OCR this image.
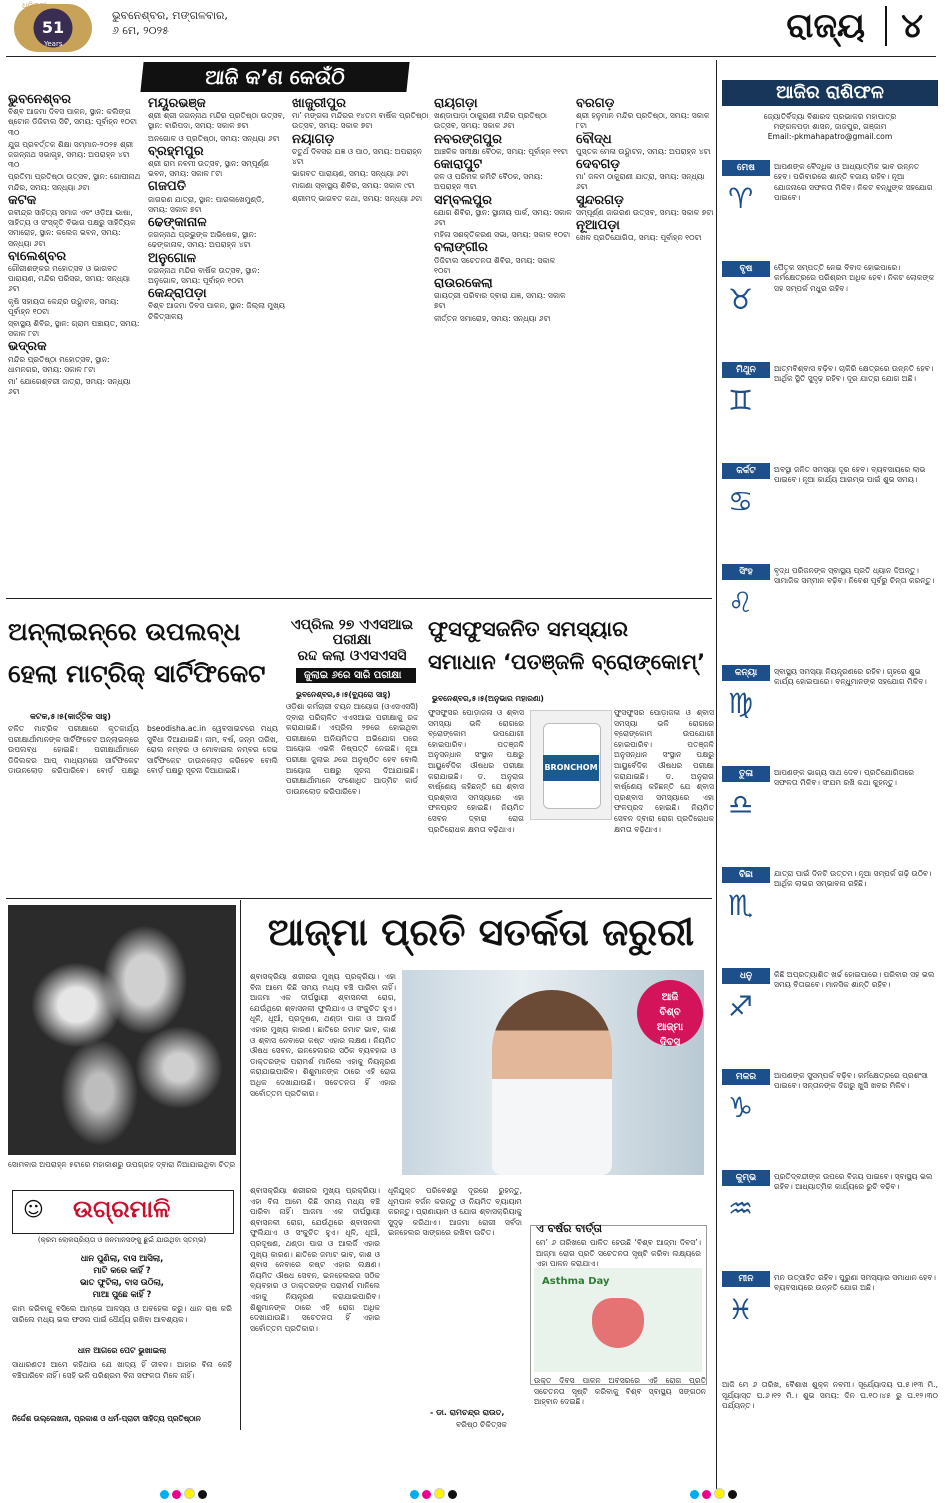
51
ଧରିତ୍ରୀ
Years
ଭୁବନେଶ୍ବର, ମଙ୍ଗଳବାର,
୬ ମେ, ୨୦୨୫	ରାଜ୍ୟ	୪
ଆଜି କ’ଣ କେଉଁଠି
ଭୁବନେଶ୍ବର

ବିଶ୍ବ ଆଜମା ଦିବସ ପାଳନ, ସ୍ଥାନ: କଲିଙ୍ଗ ଷ୍ଟୋନ ଡିଜିଟାଲ ସିଟି, ସମୟ: ପୂର୍ବାହ୍ନ ୧୦ଟା ୩୦

ଯୁଗ ପ୍ରବର୍ତ୍ତକ ଶିକ୍ଷା ସମ୍ମାନ-୨୦୨୫ ଶ୍ରୀ ଜଗନ୍ନାଥ ସଭାଗୃହ, ସମୟ: ଅପରାହ୍ନ ୪ଟା ୩୦

ପ୍ରତିମା ପ୍ରତିଷ୍ଠା ଉତ୍ସବ, ସ୍ଥାନ: ଗୋପୀନାଥ ମନ୍ଦିର, ସମୟ: ସନ୍ଧ୍ୟା ୬ଟା

କଟକ

ରବୀନ୍ଦ୍ର ସାହିତ୍ୟ ସମାଜ ଏବଂ ଓଡ଼ିଆ ଭାଷା, ସାହିତ୍ୟ ଓ ସଂସ୍କୃତି ବିଭାଗ ପକ୍ଷରୁ ସାହିତ୍ୟିକ ସମାରୋହ, ସ୍ଥାନ: କଲେଜ ଭବନ, ସମୟ: ସନ୍ଧ୍ୟା ୬ଟା

ବାଲେଶ୍ବର

ଗୌରୀଶଙ୍କର ମହୋତ୍ସବ ଓ ଭାଗବତ ପାରାୟଣ, ମନ୍ଦିର ପରିସର, ସମୟ: ସନ୍ଧ୍ୟା ୬ଟା

କୃଷି ସହାୟତା କେନ୍ଦ୍ର ଉଦ୍ଘାଟନ, ସମୟ: ପୂର୍ବାହ୍ନ ୧୦ଟା

ସ୍ବାସ୍ଥ୍ୟ ଶିବିର, ସ୍ଥାନ: ଗ୍ରାମ ପଞ୍ଚାୟତ, ସମୟ: ସକାଳ ୮ଟା

ଭଦ୍ରକ

ମନ୍ଦିର ପ୍ରତିଷ୍ଠା ମହୋତ୍ସବ, ସ୍ଥାନ: ଧାମନଗର, ସମୟ: ସକାଳ ୮ଟା

ମା’ ଯୋଗେଶ୍ବରୀ ଜାତ୍ରା, ସମୟ: ସନ୍ଧ୍ୟା ୬ଟା

ମୟୂରଭଞ୍ଜ

ଶ୍ରୀ ଶ୍ରୀ ଜଗନ୍ନାଥ ମନ୍ଦିର ପ୍ରତିଷ୍ଠା ଉତ୍ସବ, ସ୍ଥାନ: ବାରିପଦା, ସମୟ: ସକାଳ ୭ଟା

ଅନଗୋଳ ଓ ପ୍ରତିଷ୍ଠା, ସମୟ: ସନ୍ଧ୍ୟା ୬ଟା

ବ୍ରହ୍ମପୁର

ଶ୍ରୀ ରାମ ନବମୀ ଉତ୍ସବ, ସ୍ଥାନ: ସମ୍ପୂର୍ଣ୍ଣ ଭବନ, ସମୟ: ସକାଳ ୮ଟା

ଗଜପତି

ଜାଗରଣ ଯାତ୍ରା, ସ୍ଥାନ: ପାରଳାଖେମୁଣ୍ଡି, ସମୟ: ସକାଳ ୭ଟା

ଢେଙ୍କାନାଳ

ଜଗନ୍ନାଥ ପ୍ରଭୁଙ୍କ ଅଭିଷେକ, ସ୍ଥାନ: ଢେଙ୍କାନାଳ, ସମୟ: ଅପରାହ୍ନ ୪ଟା

ଅନୁଗୋଳ

ଜଗନ୍ନାଥ ମନ୍ଦିର ବାର୍ଷିକ ଉତ୍ସବ, ସ୍ଥାନ: ଅନୁଗୋଳ, ସମୟ: ପୂର୍ବାହ୍ନ ୧୦ଟା

କେନ୍ଦ୍ରାପଡ଼ା

ବିଶ୍ବ ଆଜମା ଦିବସ ପାଳନ, ସ୍ଥାନ: ଜିଲ୍ଲା ମୁଖ୍ୟ ଚିକିତ୍ସାଳୟ

ଖାଜୁରୀପୁର

ମା’ ମଙ୍ଗଳା ମନ୍ଦିରର ୧୪ତମ ବାର୍ଷିକ ପ୍ରତିଷ୍ଠା ଉତ୍ସବ, ସମୟ: ସକାଳ ୭ଟା

ନୟାଗଡ଼

ଚତୁର୍ଥ ଦିବସର ଯଜ୍ଞ ଓ ପାଠ, ସମୟ: ଅପରାହ୍ନ ୪ଟା

ଭାଗବତ ପାରାୟଣ, ସମୟ: ସନ୍ଧ୍ୟା ୬ଟା

ମାଗଣା ସ୍ବାସ୍ଥ୍ୟ ଶିବିର, ସମୟ: ସକାଳ ୯ଟା

ଶ୍ରୀମଦ୍ ଭାଗବତ କଥା, ସମୟ: ସନ୍ଧ୍ୟା ୬ଟା

ରାୟଗଡ଼ା

ଖଣ୍ଡାପାଡ଼ା ଠାକୁରାଣୀ ମନ୍ଦିର ପ୍ରତିଷ୍ଠା ଉତ୍ସବ, ସମୟ: ସକାଳ ୬ଟା

ନବରଙ୍ଗପୁର

ଆଞ୍ଚଳିକ ସମୀକ୍ଷା ବୈଠକ, ସମୟ: ପୂର୍ବାହ୍ନ ୧୧ଟା

କୋରାପୁଟ

ଜଳ ଓ ପରିମଳ କମିଟି ବୈଠକ, ସମୟ: ଅପରାହ୍ନ ୩ଟା

ସମ୍ବଲପୁର

ଯୋଗ ଶିବିର, ସ୍ଥାନ: ସ୍ଥାନୀୟ ପାର୍କ, ସମୟ: ସକାଳ ୬ଟା

ମହିଳା ସଶକ୍ତିକରଣ ସଭା, ସମୟ: ସକାଳ ୧୦ଟା

ବଲାଙ୍ଗୀର

ଡିଜିଟାଲ ସଚେତନତା ଶିବିର, ସମୟ: ସକାଳ ୧୦ଟା

ରାଉରକେଲା

ଗାୟତ୍ରୀ ପରିବାର ଦ୍ବାରା ଯଜ୍ଞ, ସମୟ: ସକାଳ ୭ଟା

କୀର୍ତ୍ତନ ସମାରୋହ, ସମୟ: ସନ୍ଧ୍ୟା ୬ଟା

ବରଗଡ଼

ଶ୍ରୀ ହନୁମାନ ମନ୍ଦିର ପ୍ରତିଷ୍ଠା, ସମୟ: ସକାଳ ୮ଟା

ବୌଦ୍ଧ

ପୁସ୍ତକ ମେଳା ଉଦ୍ଘାଟନ, ସମୟ: ଅପରାହ୍ନ ୪ଟା

ଦେବଗଡ଼

ମା’ ଜଳମ ଠାକୁରାଣୀ ଯାତ୍ରା, ସମୟ: ସନ୍ଧ୍ୟା ୬ଟା

ସୁନ୍ଦରଗଡ଼

ସମ୍ପୂର୍ଣ୍ଣ ଜାଗରଣ ଉତ୍ସବ, ସମୟ: ସକାଳ ୭ଟା

ନୂଆପଡ଼ା

ଖେଳ ପ୍ରତିଯୋଗିତା, ସମୟ: ପୂର୍ବାହ୍ନ ୧୦ଟା

ଅନ୍‌ଲାଇନ୍‌ରେ ଉପଲବ୍ଧ
ହେଲା ମାଟ୍ରିକ୍ ସାର୍ଟିଫିକେଟ
କଟକ,୫।୫(କାର୍ତ୍ତିକ ସାହୁ)
ଚଳିତ ମାଟ୍ରିକ ପରୀକ୍ଷାରେ କୃତକାର୍ଯ୍ୟ ପରୀକ୍ଷାର୍ଥୀମାନଙ୍କ ସାର୍ଟିଫିକେଟ ଅନ୍‌ଲାଇନ୍‌ରେ ଉପଲବ୍ଧ ହୋଇଛି। ପରୀକ୍ଷାର୍ଥୀମାନେ ଡିଜିଲକର ଆପ୍ ମାଧ୍ୟମରେ ସାର୍ଟିଫିକେଟ ଡାଉନଲୋଡ଼ କରିପାରିବେ। ବୋର୍ଡ଼ ପକ୍ଷରୁ bseodisha.ac.in ୱେବସାଇଟରେ ମଧ୍ୟ ସୁବିଧା ଦିଆଯାଇଛି। ନାମ, ବର୍ଷ, ଜନ୍ମ ତାରିଖ, ରୋଲ ନମ୍ବର ଓ ମୋବାଇଲ ନମ୍ବର ଦେଇ ସାର୍ଟିଫିକେଟ ଡାଉନଲୋଡ଼ କରିହେବ ବୋଲି ବୋର୍ଡ଼ ପକ୍ଷରୁ ସୂଚନା ଦିଆଯାଇଛି।
ଏପ୍ରିଲ ୨୭ ଏଏସଆଇ ପରୀକ୍ଷା
ରଦ୍ଦ କଲା ଓଏସଏସସି
ଜୁଲାଇ ୬ରେ ସାରି ପରୀକ୍ଷା
ଭୁବନେଶ୍ବର,୫।୫(ବ୍ୟୁରୋ ସାହୁ)
ଓଡ଼ିଶା କର୍ମଚାରୀ ଚୟନ ଆୟୋଗ (ଓଏସଏସସି) ଦ୍ବାରା ପରିଚାଳିତ ଏଏସଆଇ ପରୀକ୍ଷାକୁ ରଦ୍ଦ କରାଯାଇଛି। ଏପ୍ରିଲ ୨୭ରେ ହୋଇଥିବା ପରୀକ୍ଷାରେ ଅନିୟମିତତା ଅଭିଯୋଗ ପରେ ଆୟୋଗ ଏଭଳି ନିଷ୍ପତ୍ତି ନେଇଛି। ନୂଆ ପରୀକ୍ଷା ଜୁଲାଇ ୬ରେ ଅନୁଷ୍ଠିତ ହେବ ବୋଲି ଆୟୋଗ ପକ୍ଷରୁ ସୂଚନା ଦିଆଯାଇଛି। ପରୀକ୍ଷାର୍ଥୀମାନେ ସଂଶୋଧିତ ଆଡ୍‌ମିଟ କାର୍ଡ ଡାଉନଲୋଡ଼ କରିପାରିବେ।
ଫୁସଫୁସଜନିତ ସମସ୍ୟାର
ସମାଧାନ ‘ପତଞ୍ଜଳି ବ୍ରୋଙ୍କୋମ୍’
ଭୁବନେଶ୍ବର,୫।୫(ଅନୁଭାର ମହାରଣା)
BRONCHOM
ଫୁସଫୁସର ପୋଡ଼ାଜଳା ଓ ଶ୍ବାସ ସମସ୍ୟା ଭଳି ରୋଗରେ ବ୍ରୋଙ୍କୋମ ଉପଯୋଗୀ ହୋଇପାରିବ। ପତଞ୍ଜଳି ଅନୁସନ୍ଧାନ ସଂସ୍ଥାନ ପକ୍ଷରୁ ଆୟୁର୍ବେଦିକ ଔଷଧର ପରୀକ୍ଷା କରାଯାଇଛି। ଡ. ଅନୁରାଗ ବାର୍ଷ୍ଣେୟ କହିଛନ୍ତି ଯେ ଶ୍ବାସ ପ୍ରଶ୍ବାସ ସମସ୍ୟାରେ ଏହା ଫଳପ୍ରଦ ହୋଇଛି। ନିୟମିତ ସେବନ ଦ୍ବାରା ରୋଗ ପ୍ରତିରୋଧକ କ୍ଷମତା ବଢ଼ିଥାଏ।
ଫୁସଫୁସର ପୋଡ଼ାଜଳା ଓ ଶ୍ବାସ ସମସ୍ୟା ଭଳି ରୋଗରେ ବ୍ରୋଙ୍କୋମ ଉପଯୋଗୀ ହୋଇପାରିବ। ପତଞ୍ଜଳି ଅନୁସନ୍ଧାନ ସଂସ୍ଥାନ ପକ୍ଷରୁ ଆୟୁର୍ବେଦିକ ଔଷଧର ପରୀକ୍ଷା କରାଯାଇଛି। ଡ. ଅନୁରାଗ ବାର୍ଷ୍ଣେୟ କହିଛନ୍ତି ଯେ ଶ୍ବାସ ପ୍ରଶ୍ବାସ ସମସ୍ୟାରେ ଏହା ଫଳପ୍ରଦ ହୋଇଛି। ନିୟମିତ ସେବନ ଦ୍ବାରା ରୋଗ ପ୍ରତିରୋଧକ କ୍ଷମତା ବଢ଼ିଥାଏ।
ସୋମବାର ଅପରାହ୍ନ ୫ଟାରେ ମହାକାଶରୁ ଉପଗ୍ରହ ଦ୍ବାରା ନିଆଯାଇଥିବା ଚିତ୍ର
ଉଗ୍ରମାଳି
☺
(କ୍ରମ ଲୋକପ୍ରିୟତା ଓ ଜନମାନସଙ୍କୁ ଛୁଇଁ ଯାଉଥିବା ସ୍ତମ୍ଭ)
ଧାନ ପୁଣିଲା, ବାସ ଆସିଲା,
ମାଟି କରେ କାହିଁ ?
ଭାତ ଫୁଟିଲା, ବାସ ଉଠିଲା,
ମାଆ ପୁଛେ କାହିଁ ?
କାମ କରିବାକୁ ବସିଲେ ଆମ୍ଭେ ଆଳସ୍ୟ ଓ ଅବହେଳା କରୁ। ଧାନ ଚାଷ କରି ସାରିଲେ ମଧ୍ୟ ଭଲ ଫସଲ ପାଇଁ ଧୈର୍ଯ୍ୟ ରଖିବା ଆବଶ୍ୟକ।
ଧାନ ଆଗରେ ପେଟ ଭୁଖାଇଲା
ସାଧାରଣତଃ ଆମେ କହିଥାଉ ଯେ ଖାଦ୍ୟ ହିଁ ଜୀବନ। ଆହାର ବିନା କେହି ବଞ୍ଚିପାରିବେ ନାହିଁ। ସେହି ଭଳି ପରିଶ୍ରମ ବିନା ସଫଳତା ମିଳେ ନାହିଁ।
ନିର୍ଦ୍ଦେଶ ଉଲ୍ଲେଖନୀ, ପ୍ରକାଶ ଓ ଧର୍ମ-ପ୍ରାଚୀ ସାହିତ୍ୟ ପ୍ରତିଷ୍ଠାନ
ଆଜ୍‌ମା ପ୍ରତି ସତର୍କତା ଜରୁରୀ
ଶ୍ବାସକ୍ରିୟା ଶରୀରର ମୁଖ୍ୟ ପ୍ରକ୍ରିୟା। ଏହା ବିନା ଆମେ କିଛି ସମୟ ମଧ୍ୟ ବଞ୍ଚି ପାରିବା ନାହିଁ। ଆଜମା ଏକ ଦୀର୍ଘସ୍ଥାୟୀ ଶ୍ବାସନଳୀ ରୋଗ, ଯେଉଁଥିରେ ଶ୍ବାସନଳୀ ଫୁଲିଯାଏ ଓ ସଂକୁଚିତ ହୁଏ। ଧୂଳି, ଧୂଆଁ, ପ୍ରଦୂଷଣ, ଥଣ୍ଡା ପାଗ ଓ ଆଲର୍ଜି ଏହାର ମୁଖ୍ୟ କାରଣ। ଛାତିରେ ଜମାଟ ଭାବ, କାଶ ଓ ଶ୍ବାସ ନେବାରେ କଷ୍ଟ ଏହାର ଲକ୍ଷଣ। ନିୟମିତ ଔଷଧ ସେବନ, ଇନହେଲରର ସଠିକ ବ୍ୟବହାର ଓ ଡାକ୍ତରଙ୍କ ପରାମର୍ଶ ମାନିଲେ ଏହାକୁ ନିୟନ୍ତ୍ରଣ କରାଯାଇପାରିବ। ଶିଶୁମାନଙ୍କ ଠାରେ ଏହି ରୋଗ ଅଧିକ ଦେଖାଯାଉଛି। ସଚେତନତା ହିଁ ଏହାର ସର୍ବୋତ୍ତମ ପ୍ରତିକାର।
ଆଜି
ବିଶ୍ବ
ଆଜ୍‌ମା
ଦିବସ
ଶ୍ବାସକ୍ରିୟା ଶରୀରର ମୁଖ୍ୟ ପ୍ରକ୍ରିୟା। ଏହା ବିନା ଆମେ କିଛି ସମୟ ମଧ୍ୟ ବଞ୍ଚି ପାରିବା ନାହିଁ। ଆଜମା ଏକ ଦୀର୍ଘସ୍ଥାୟୀ ଶ୍ବାସନଳୀ ରୋଗ, ଯେଉଁଥିରେ ଶ୍ବାସନଳୀ ଫୁଲିଯାଏ ଓ ସଂକୁଚିତ ହୁଏ। ଧୂଳି, ଧୂଆଁ, ପ୍ରଦୂଷଣ, ଥଣ୍ଡା ପାଗ ଓ ଆଲର୍ଜି ଏହାର ମୁଖ୍ୟ କାରଣ। ଛାତିରେ ଜମାଟ ଭାବ, କାଶ ଓ ଶ୍ବାସ ନେବାରେ କଷ୍ଟ ଏହାର ଲକ୍ଷଣ। ନିୟମିତ ଔଷଧ ସେବନ, ଇନହେଲରର ସଠିକ ବ୍ୟବହାର ଓ ଡାକ୍ତରଙ୍କ ପରାମର୍ଶ ମାନିଲେ ଏହାକୁ ନିୟନ୍ତ୍ରଣ କରାଯାଇପାରିବ। ଶିଶୁମାନଙ୍କ ଠାରେ ଏହି ରୋଗ ଅଧିକ ଦେଖାଯାଉଛି। ସଚେତନତା ହିଁ ଏହାର ସର୍ବୋତ୍ତମ ପ୍ରତିକାର।
ଧୂଳିଯୁକ୍ତ ପରିବେଶରୁ ଦୂରରେ ରୁହନ୍ତୁ, ଧୂମପାନ ବର୍ଜନ କରନ୍ତୁ ଓ ନିୟମିତ ବ୍ୟାୟାମ କରନ୍ତୁ। ପ୍ରାଣାୟାମ ଓ ଯୋଗ ଶ୍ବାସକ୍ରିୟାକୁ ସୁଦୃଢ଼ କରିଥାଏ। ଆଜମା ରୋଗୀ ସର୍ବଦା ଇନହେଲର ସାଙ୍ଗରେ ରଖିବା ଉଚିତ।
- ଡା. ରାମଚନ୍ଦ୍ର ରାଉତ,
ବରିଷ୍ଠ ଚିକିତ୍ସକ
ଏ ବର୍ଷର ବାର୍ତ୍ତା
ମେ’ ୬ ତାରିଖରେ ପାଳିତ ହେଉଛି ‘ବିଶ୍ବ ଆଜ୍‌ମା ଦିବସ’। ଆଜ୍‌ମା ରୋଗ ପ୍ରତି ସଚେତନତା ସୃଷ୍ଟି କରିବା ଲକ୍ଷ୍ୟରେ ଏହା ପାଳନ କରାଯାଏ।
Asthma Day
ଉକ୍ତ ଦିବସ ପାଳନ ଅବସରରେ ଏହି ରୋଗ ପ୍ରତି ସଚେତନତା ସୃଷ୍ଟି କରିବାକୁ ବିଶ୍ବ ସ୍ବାସ୍ଥ୍ୟ ସଙ୍ଗଠନ ଆହ୍ବାନ ଦେଇଛି।
ଆଜିର ରାଶିଫଳ
ଜ୍ୟୋତିର୍ବିଦ୍ୟା ବିଶାରଦ ପ୍ରଭାକର ମହାପାତ୍ର
ମଙ୍ଗଳପଡ଼ା ଶାସନ, ଜାଜପୁର, ଗଞ୍ଜାମ
Email:-pkmahapatro@gmail.com
ମେଷ
♈
ଆପଣଙ୍କ ବୈଦ୍ଧିକ ଓ ଆଧ୍ୟାତ୍ମିକ ଭାବ ଉନ୍ନତ ହେବ। ପରିବାରରେ ଶାନ୍ତି ବଜାୟ ରହିବ। ନୂଆ ଯୋଜନାରେ ସଫଳତା ମିଳିବ। ନିକଟ ବନ୍ଧୁଙ୍କ ସହଯୋଗ ପାଇବେ।
ବୃଷ
♉
ପୈତୃକ ସମ୍ପତ୍ତି ନେଇ ବିବାଦ ହୋଇପାରେ। କର୍ମକ୍ଷେତ୍ରରେ ପରିଶ୍ରମ ଅଧିକ ହେବ। ନିକଟ ଲୋକଙ୍କ ସହ ସମ୍ପର୍କ ମଧୁର ରହିବ।
ମିଥୁନ
♊
ଆତ୍ମବିଶ୍ବାସ ବଢ଼ିବ। ଚାକିରି କ୍ଷେତ୍ରରେ ଉନ୍ନତି ହେବ। ଆର୍ଥିକ ସ୍ଥିତି ସୁଦୃଢ଼ ରହିବ। ଦୂର ଯାତ୍ରା ଯୋଗ ଅଛି।
କର୍କଟ
♋
ଅବସ୍ଥା ଜନିତ ସମସ୍ୟା ଦୂର ହେବ। ବ୍ୟବସାୟରେ ଲାଭ ପାଇବେ। ନୂଆ କାର୍ଯ୍ୟ ଆରମ୍ଭ ପାଇଁ ଶୁଭ ସମୟ।
ସିଂହ
♌
ବୃଦ୍ଧ ପରିଜନଙ୍କ ସ୍ବାସ୍ଥ୍ୟ ପ୍ରତି ଧ୍ୟାନ ଦିଅନ୍ତୁ। ସାମାଜିକ ସମ୍ମାନ ବଢ଼ିବ। ନିବେଶ ପୂର୍ବରୁ ଚିନ୍ତା କରନ୍ତୁ।
କନ୍ୟା
♍
ସ୍ବାସ୍ଥ୍ୟ ସମସ୍ୟା ନିୟନ୍ତ୍ରଣରେ ରହିବ। ଗୃହରେ ଶୁଭ କାର୍ଯ୍ୟ ହୋଇପାରେ। ବନ୍ଧୁମାନଙ୍କ ସହଯୋଗ ମିଳିବ।
ତୁଳା
♎
ଆପଣଙ୍କ ଭାଗ୍ୟ ସାଥ ଦେବ। ପ୍ରତିଯୋଗିତାରେ ସଫଳତା ମିଳିବ। ସଂଯମ ରଖି କଥା କୁହନ୍ତୁ।
ବିଛା
♏
ଯାତ୍ରା ପାଇଁ ଦିନଟି ଉତ୍ତମ। ନୂଆ ସମ୍ପର୍କ ଗଢ଼ି ଉଠିବ। ଆର୍ଥିକ ଲାଭର ସମ୍ଭାବନା ରହିଛି।
ଧନୁ
♐
କିଛି ଅପ୍ରତ୍ୟାଶିତ ଖର୍ଚ୍ଚ ହୋଇପାରେ। ପରିବାର ସହ ଭଲ ସମୟ ବିତାଇବେ। ମାନସିକ ଶାନ୍ତି ରହିବ।
ମକର
♑
ଆପଣଙ୍କ ସୁସମ୍ପର୍କ ବଢ଼ିବ। କର୍ମକ୍ଷେତ୍ରରେ ପ୍ରଶଂସା ପାଇବେ। ସନ୍ତାନଙ୍କ ଦିଗରୁ ଖୁସି ଖବର ମିଳିବ।
କୁମ୍ଭ
♒
ପ୍ରତିଦ୍ବନ୍ଦୀଙ୍କ ଉପରେ ବିଜୟ ପାଇବେ। ସ୍ବାସ୍ଥ୍ୟ ଭଲ ରହିବ। ଆଧ୍ୟାତ୍ମିକ କାର୍ଯ୍ୟରେ ରୁଚି ବଢ଼ିବ।
ମୀନ
♓
ମନ ଉତ୍ସାହିତ ରହିବ। ପୁରୁଣା ସମସ୍ୟାର ସମାଧାନ ହେବ। ବ୍ୟବସାୟରେ ଉନ୍ନତି ଯୋଗ ଅଛି।
ଆଜି ମେ ୬ ତାରିଖ, ବୈଶାଖ ଶୁକ୍ଳ ନବମୀ। ସୂର୍ଯ୍ୟୋଦୟ ଘ.୫।୧୩ ମି., ସୂର୍ଯ୍ୟାସ୍ତ ଘ.୬।୧୨ ମି.। ଶୁଭ ସମୟ: ଦିନ ଘ.୧୦।୪୫ ରୁ ଘ.୧୨।୩୦ ପର୍ଯ୍ୟନ୍ତ।
